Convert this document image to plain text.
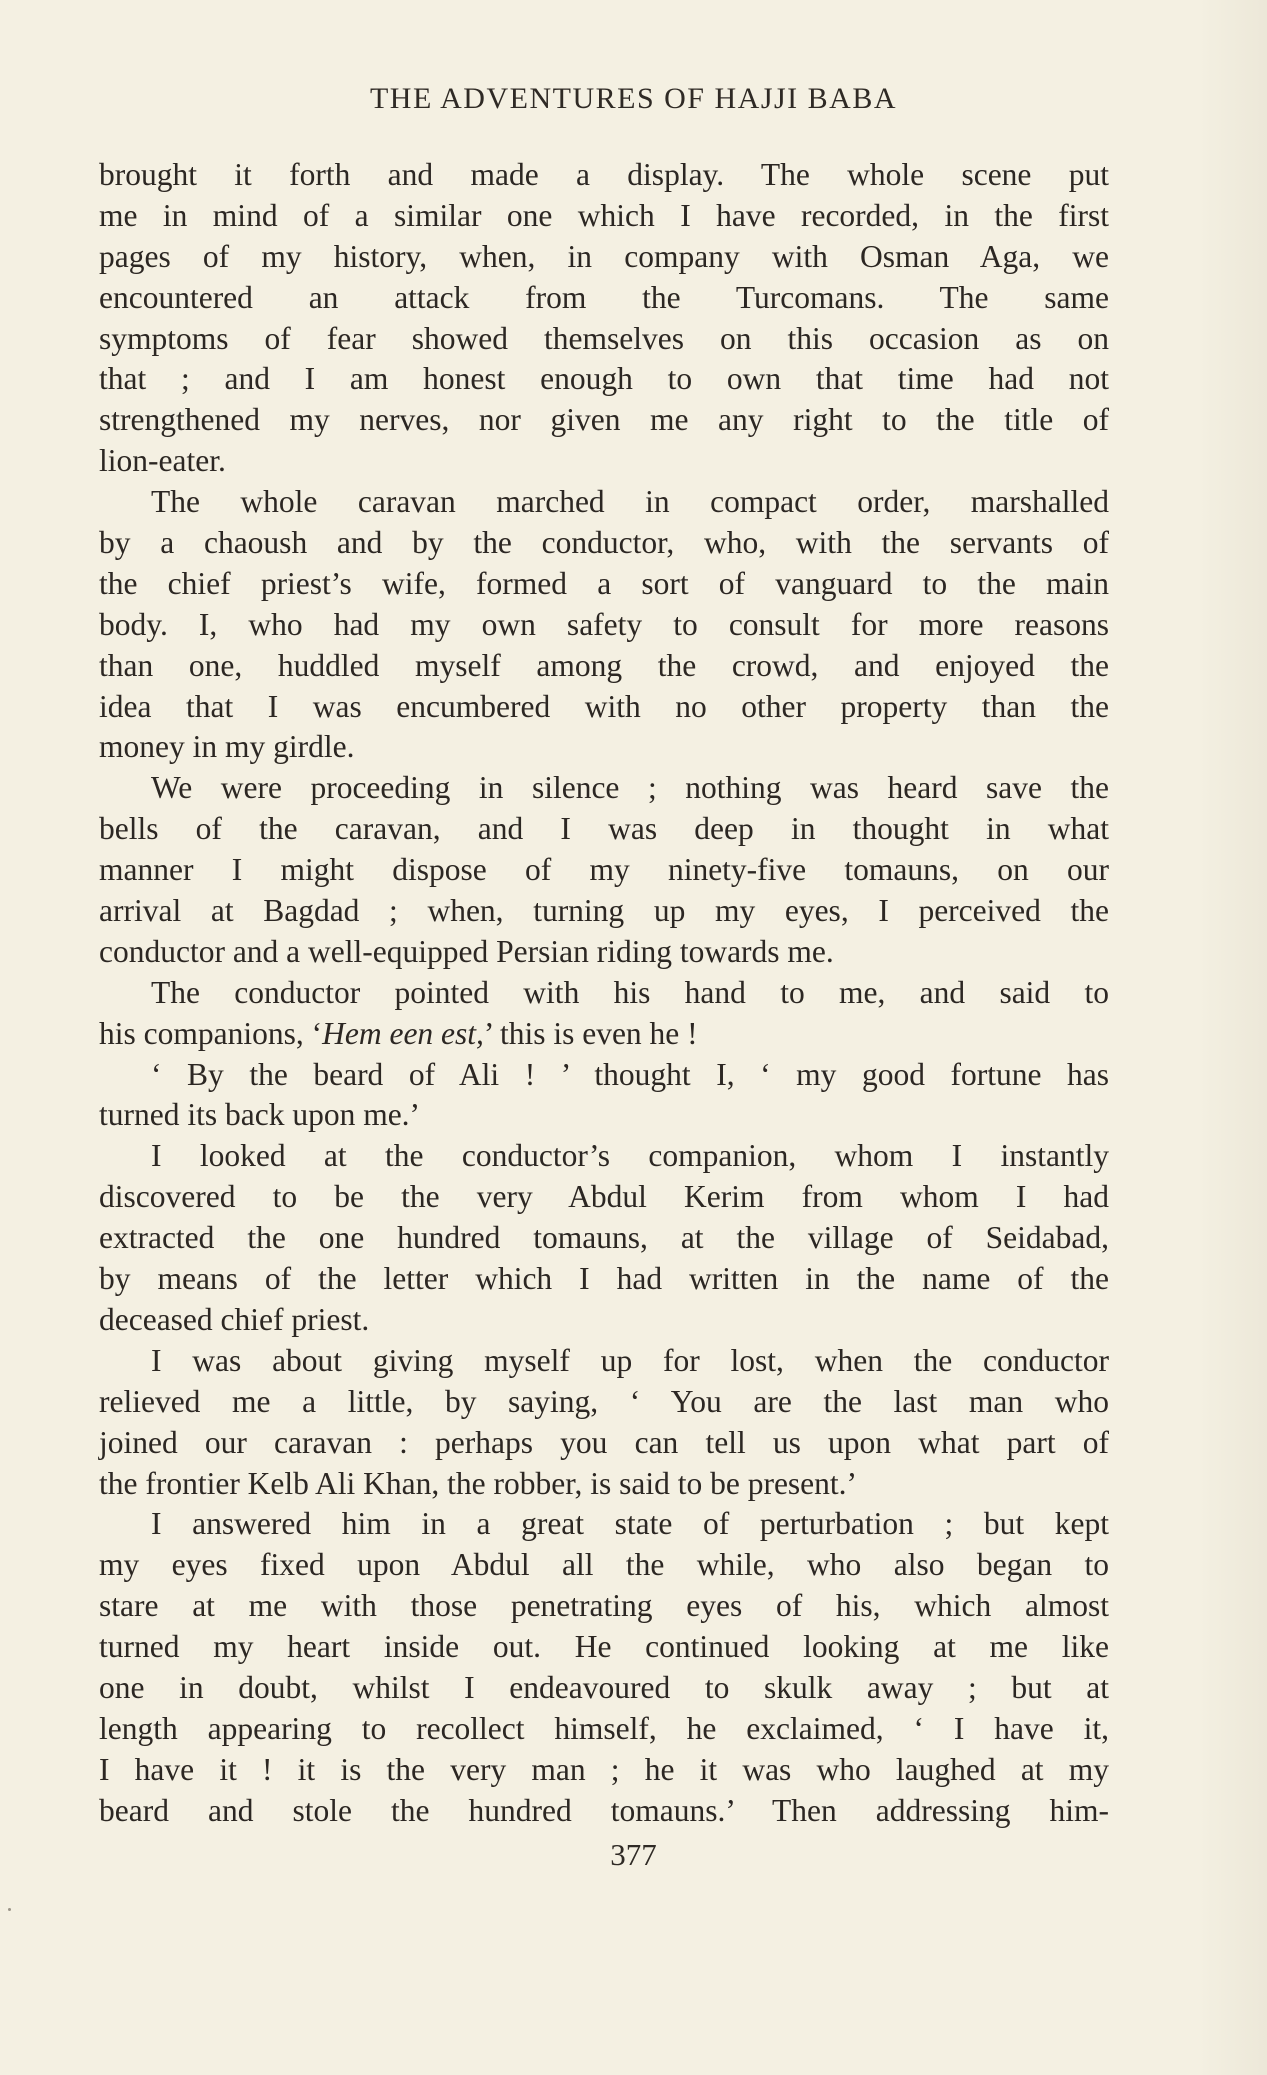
THE ADVENTURES OF HAJJI BABA
brought it forth and made a display. The whole scene put
me in mind of a similar one which I have recorded, in the first
pages of my history, when, in company with Osman Aga, we
encountered an attack from the Turcomans. The same
symptoms of fear showed themselves on this occasion as on
that ; and I am honest enough to own that time had not
strengthened my nerves, nor given me any right to the title of
lion-eater.
The whole caravan marched in compact order, marshalled
by a chaoush and by the conductor, who, with the servants of
the chief priest’s wife, formed a sort of vanguard to the main
body. I, who had my own safety to consult for more reasons
than one, huddled myself among the crowd, and enjoyed the
idea that I was encumbered with no other property than the
money in my girdle.
We were proceeding in silence ; nothing was heard save the
bells of the caravan, and I was deep in thought in what
manner I might dispose of my ninety-five tomauns, on our
arrival at Bagdad ; when, turning up my eyes, I perceived the
conductor and a well-equipped Persian riding towards me.
The conductor pointed with his hand to me, and said to
his companions, ‘Hem een est,’ this is even he !
‘ By the beard of Ali ! ’ thought I, ‘ my good fortune has
turned its back upon me.’
I looked at the conductor’s companion, whom I instantly
discovered to be the very Abdul Kerim from whom I had
extracted the one hundred tomauns, at the village of Seidabad,
by means of the letter which I had written in the name of the
deceased chief priest.
I was about giving myself up for lost, when the conductor
relieved me a little, by saying, ‘ You are the last man who
joined our caravan : perhaps you can tell us upon what part of
the frontier Kelb Ali Khan, the robber, is said to be present.’
I answered him in a great state of perturbation ; but kept
my eyes fixed upon Abdul all the while, who also began to
stare at me with those penetrating eyes of his, which almost
turned my heart inside out. He continued looking at me like
one in doubt, whilst I endeavoured to skulk away ; but at
length appearing to recollect himself, he exclaimed, ‘ I have it,
I have it ! it is the very man ; he it was who laughed at my
beard and stole the hundred tomauns.’ Then addressing him-
377
